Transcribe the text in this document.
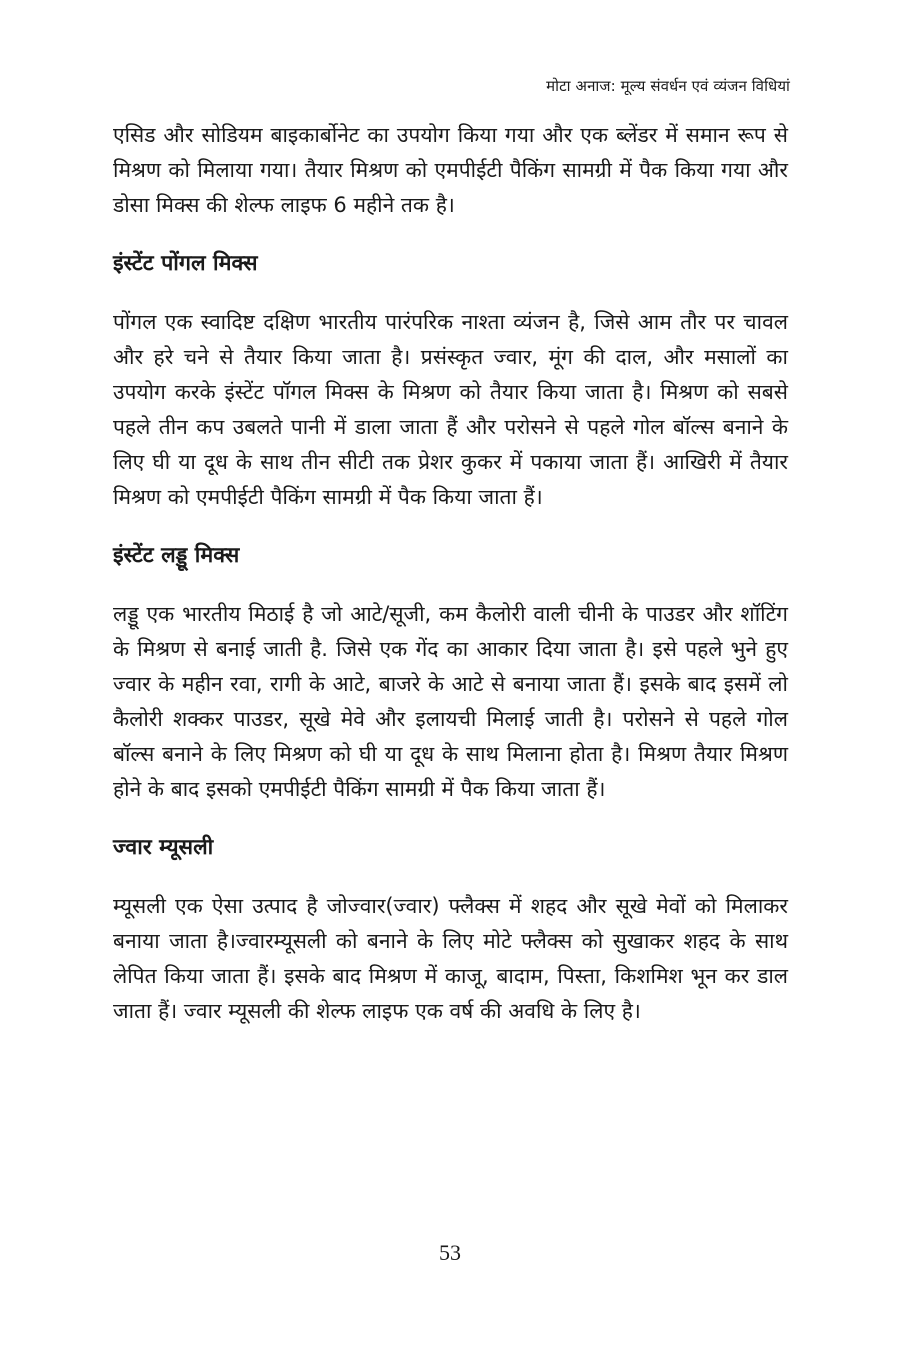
मोटा अनाज: मूल्य संवर्धन एवं व्यंजन विधियां

एसिड और सोडियम बाइकार्बोनेट का उपयोग किया गया और एक ब्लेंडर में समान रूप से मिश्रण को मिलाया गया। तैयार मिश्रण को एमपीईटी पैकिंग सामग्री में पैक किया गया और डोसा मिक्स की शेल्फ लाइफ 6 महीने तक है।

इंस्टेंट पोंगल मिक्स

पोंगल एक स्वादिष्ट दक्षिण भारतीय पारंपरिक नाश्ता व्यंजन है, जिसे आम तौर पर चावल और हरे चने से तैयार किया जाता है। प्रसंस्कृत ज्वार, मूंग की दाल, और मसालों का उपयोग करके इंस्टेंट पॉगल मिक्स के मिश्रण को तैयार किया जाता है। मिश्रण को सबसे पहले तीन कप उबलते पानी में डाला जाता हैं और परोसने से पहले गोल बॉल्स बनाने के लिए घी या दूध के साथ तीन सीटी तक प्रेशर कुकर में पकाया जाता हैं। आखिरी में तैयार मिश्रण को एमपीईटी पैकिंग सामग्री में पैक किया जाता हैं।

इंस्टेंट लड्डू मिक्स

लड्डू एक भारतीय मिठाई है जो आटे/सूजी, कम कैलोरी वाली चीनी के पाउडर और शॉटिंग के मिश्रण से बनाई जाती है. जिसे एक गेंद का आकार दिया जाता है। इसे पहले भुने हुए ज्वार के महीन रवा, रागी के आटे, बाजरे के आटे से बनाया जाता हैं। इसके बाद इसमें लो कैलोरी शक्कर पाउडर, सूखे मेवे और इलायची मिलाई जाती है। परोसने से पहले गोल बॉल्स बनाने के लिए मिश्रण को घी या दूध के साथ मिलाना होता है। मिश्रण तैयार मिश्रण होने के बाद इसको एमपीईटी पैकिंग सामग्री में पैक किया जाता हैं।

ज्वार म्यूसली

म्यूसली एक ऐसा उत्पाद है जोज्वार(ज्वार) फ्लैक्स में शहद और सूखे मेवों को मिलाकर बनाया जाता है।ज्वारम्यूसली को बनाने के लिए मोटे फ्लैक्स को सुखाकर शहद के साथ लेपित किया जाता हैं। इसके बाद मिश्रण में काजू, बादाम, पिस्ता, किशमिश भून कर डाल जाता हैं। ज्वार म्यूसली की शेल्फ लाइफ एक वर्ष की अवधि के लिए है।

53
